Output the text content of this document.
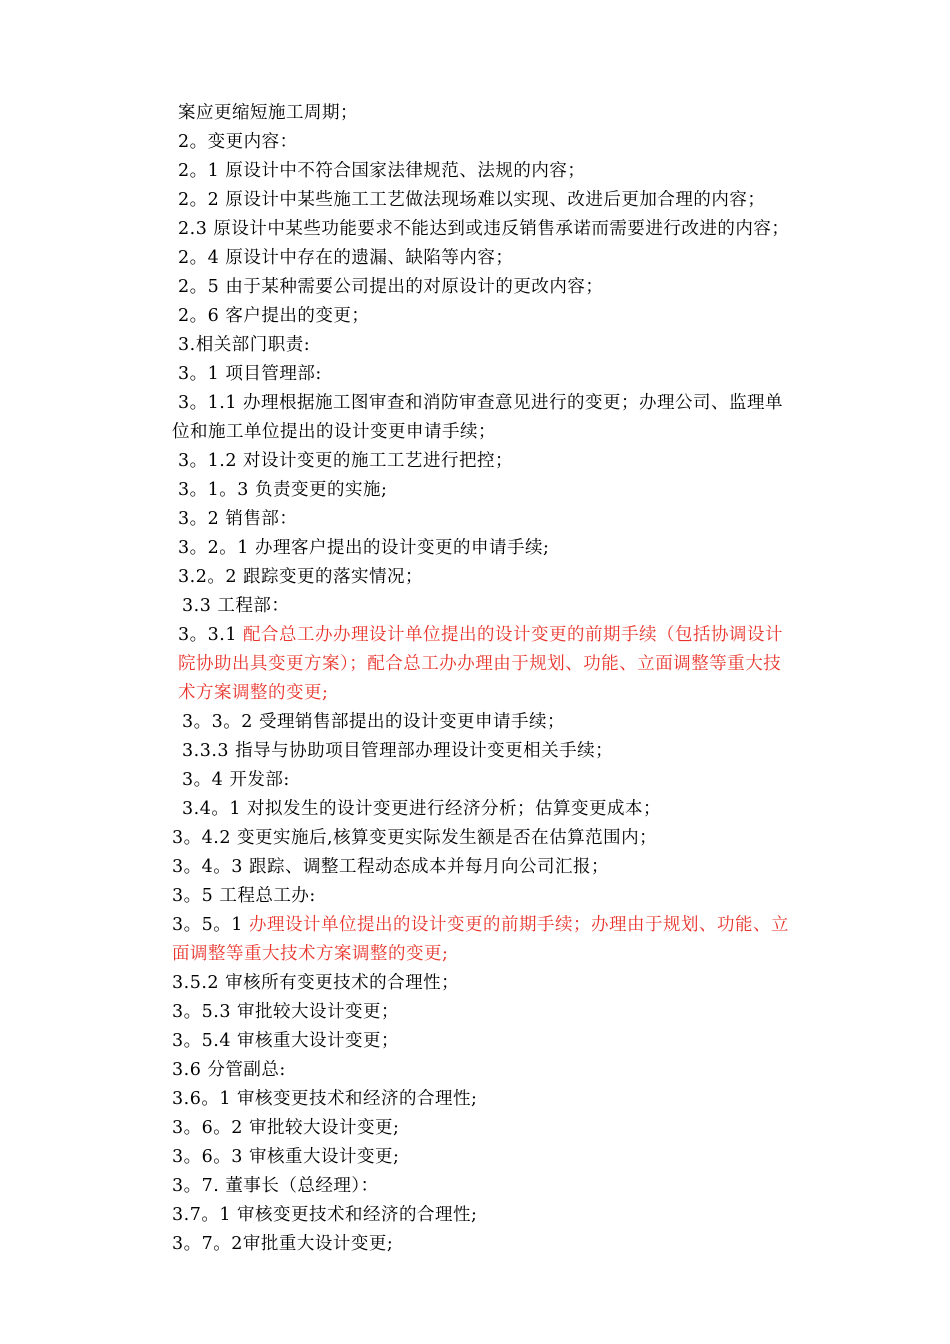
案应更缩短施工周期；
2。变更内容：
2。1 原设计中不符合国家法律规范、法规的内容；
2。2 原设计中某些施工工艺做法现场难以实现、改进后更加合理的内容；
2.3 原设计中某些功能要求不能达到或违反销售承诺而需要进行改进的内容；
2。4 原设计中存在的遗漏、缺陷等内容；
2。5 由于某种需要公司提出的对原设计的更改内容；
2。6 客户提出的变更；
3.相关部门职责:
3。1 项目管理部:
3。1.1 办理根据施工图审查和消防审查意见进行的变更；办理公司、监理单
位和施工单位提出的设计变更申请手续；
3。1.2 对设计变更的施工工艺进行把控；
3。1。3 负责变更的实施;
3。2 销售部：
3。2。1 办理客户提出的设计变更的申请手续;
3.2。2 跟踪变更的落实情况；
3.3 工程部：
3。3.1 配合总工办办理设计单位提出的设计变更的前期手续（包括协调设计
院协助出具变更方案）；配合总工办办理由于规划、功能、立面调整等重大技
术方案调整的变更;
3。3。2 受理销售部提出的设计变更申请手续；
3.3.3 指导与协助项目管理部办理设计变更相关手续；
3。4 开发部:
3.4。1 对拟发生的设计变更进行经济分析；估算变更成本；
3。4.2 变更实施后,核算变更实际发生额是否在估算范围内；
3。4。3 跟踪、调整工程动态成本并每月向公司汇报；
3。5 工程总工办:
3。5。1 办理设计单位提出的设计变更的前期手续；办理由于规划、功能、立
面调整等重大技术方案调整的变更;
3.5.2 审核所有变更技术的合理性；
3。5.3 审批较大设计变更；
3。5.4 审核重大设计变更；
3.6 分管副总:
3.6。1 审核变更技术和经济的合理性;
3。6。2 审批较大设计变更;
3。6。3 审核重大设计变更;
3。7. 董事长（总经理）：
3.7。1 审核变更技术和经济的合理性;
3。7。2审批重大设计变更;
